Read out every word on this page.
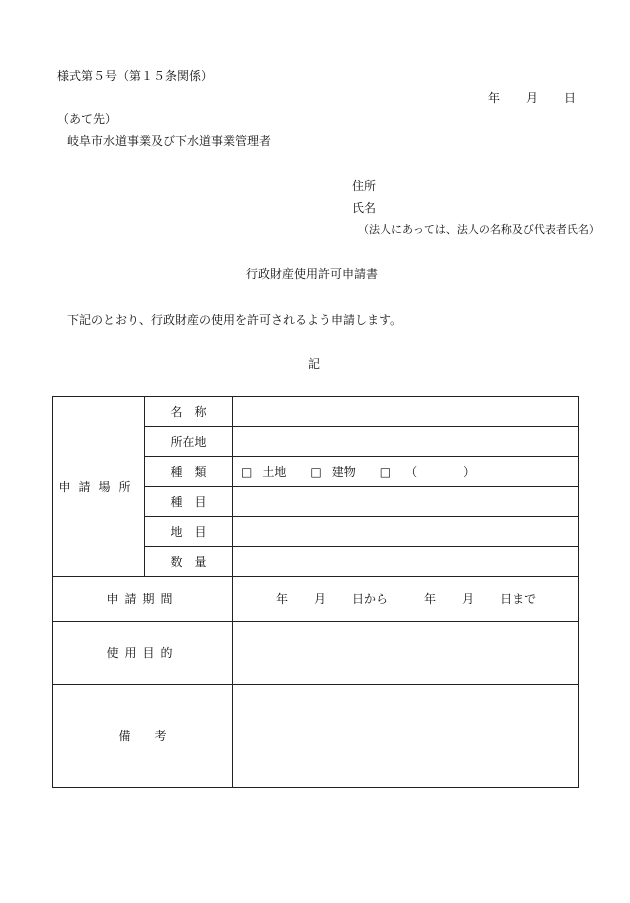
様式第５号（第１５条関係）
年 月 日
（あて先）
岐阜市水道事業及び下水道事業管理者
住所
氏名
（法人にあっては、法人の名称及び代表者氏名）
行政財産使用許可申請書
下記のとおり、行政財産の使用を許可されるよう申請します。
記
申請場所	名　称	
	所在地	
	種　類	□ 土地 □ 建物 □ （ ）
	種　目	
	地　目	
	数　量	
申請期間		年 月 日から 年 月 日まで
使用目的		
備　　考		
